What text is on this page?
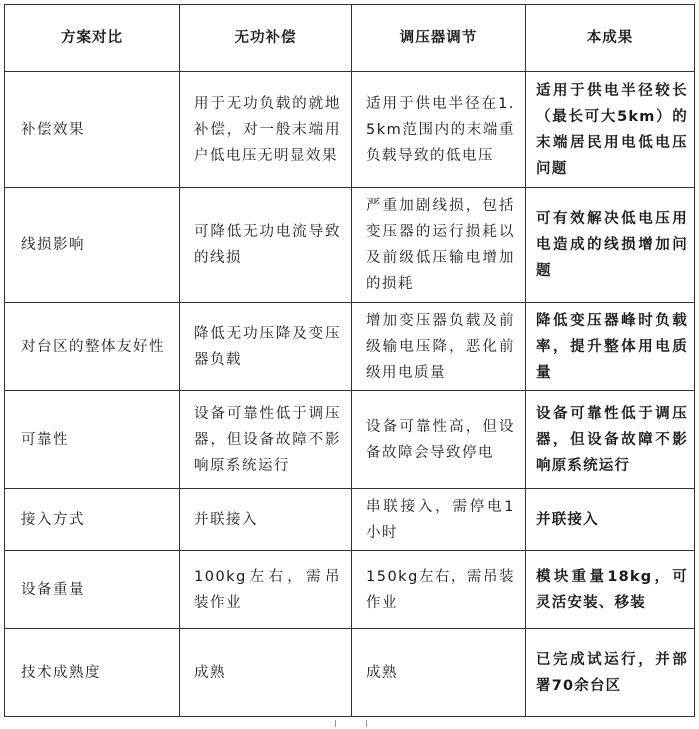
方案对比	无功补偿	调压器调节	本成果
补偿效果	用于无功负载的就地补偿，对一般末端用户低电压无明显效果	适用于供电半径在1.5km范围内的末端重负载导致的低电压	适用于供电半径较长（最长可大5km）的末端居民用电低电压问题
线损影响	可降低无功电流导致的线损	严重加剧线损，包括变压器的运行损耗以及前级低压输电增加的损耗	可有效解决低电压用电造成的线损增加问题
对台区的整体友好性	降低无功压降及变压器负载	增加变压器负载及前级输电压降，恶化前级用电质量	降低变压器峰时负载率，提升整体用电质量
可靠性	设备可靠性低于调压器，但设备故障不影响原系统运行	设备可靠性高，但设备故障会导致停电	设备可靠性低于调压器，但设备故障不影响原系统运行
接入方式	并联接入	串联接入，需停电1小时	并联接入
设备重量	100kg左右，需吊装作业	150kg左右，需吊装作业	模块重量18kg，可灵活安装、移装
技术成熟度	成熟	成熟	已完成试运行，并部署70余台区
